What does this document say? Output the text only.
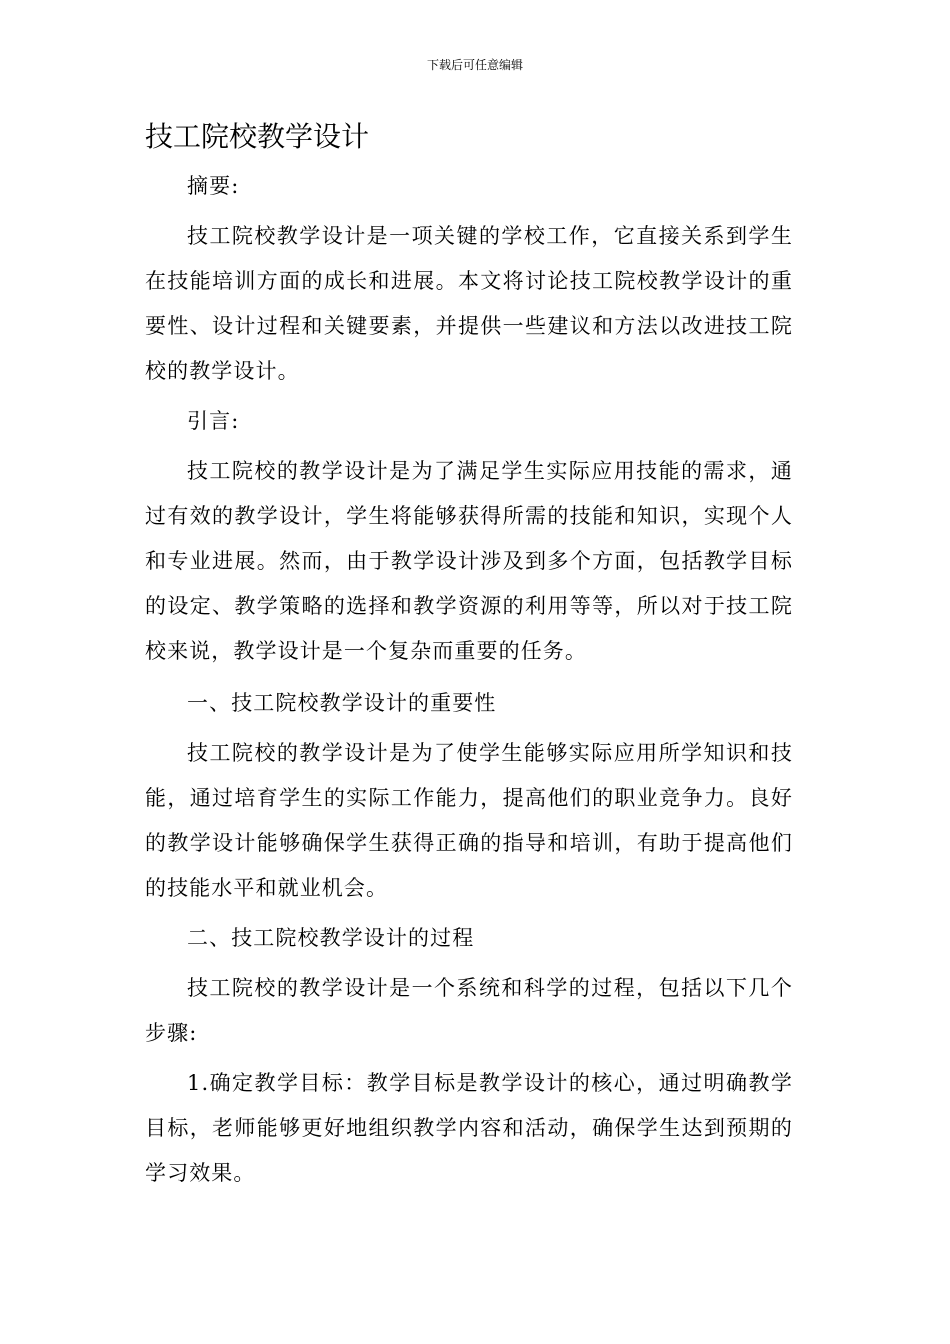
下载后可任意编辑
技工院校教学设计

摘要:

技工院校教学设计是一项关键的学校工作，它直接关系到学生在技能培训方面的成长和进展。本文将讨论技工院校教学设计的重要性、设计过程和关键要素，并提供一些建议和方法以改进技工院校的教学设计。

引言:

技工院校的教学设计是为了满足学生实际应用技能的需求，通过有效的教学设计，学生将能够获得所需的技能和知识，实现个人和专业进展。然而，由于教学设计涉及到多个方面，包括教学目标的设定、教学策略的选择和教学资源的利用等等，所以对于技工院校来说，教学设计是一个复杂而重要的任务。

一、技工院校教学设计的重要性

技工院校的教学设计是为了使学生能够实际应用所学知识和技能，通过培育学生的实际工作能力，提高他们的职业竞争力。良好的教学设计能够确保学生获得正确的指导和培训，有助于提高他们的技能水平和就业机会。

二、技工院校教学设计的过程

技工院校的教学设计是一个系统和科学的过程，包括以下几个步骤:

1.确定教学目标：教学目标是教学设计的核心，通过明确教学目标，老师能够更好地组织教学内容和活动，确保学生达到预期的学习效果。
